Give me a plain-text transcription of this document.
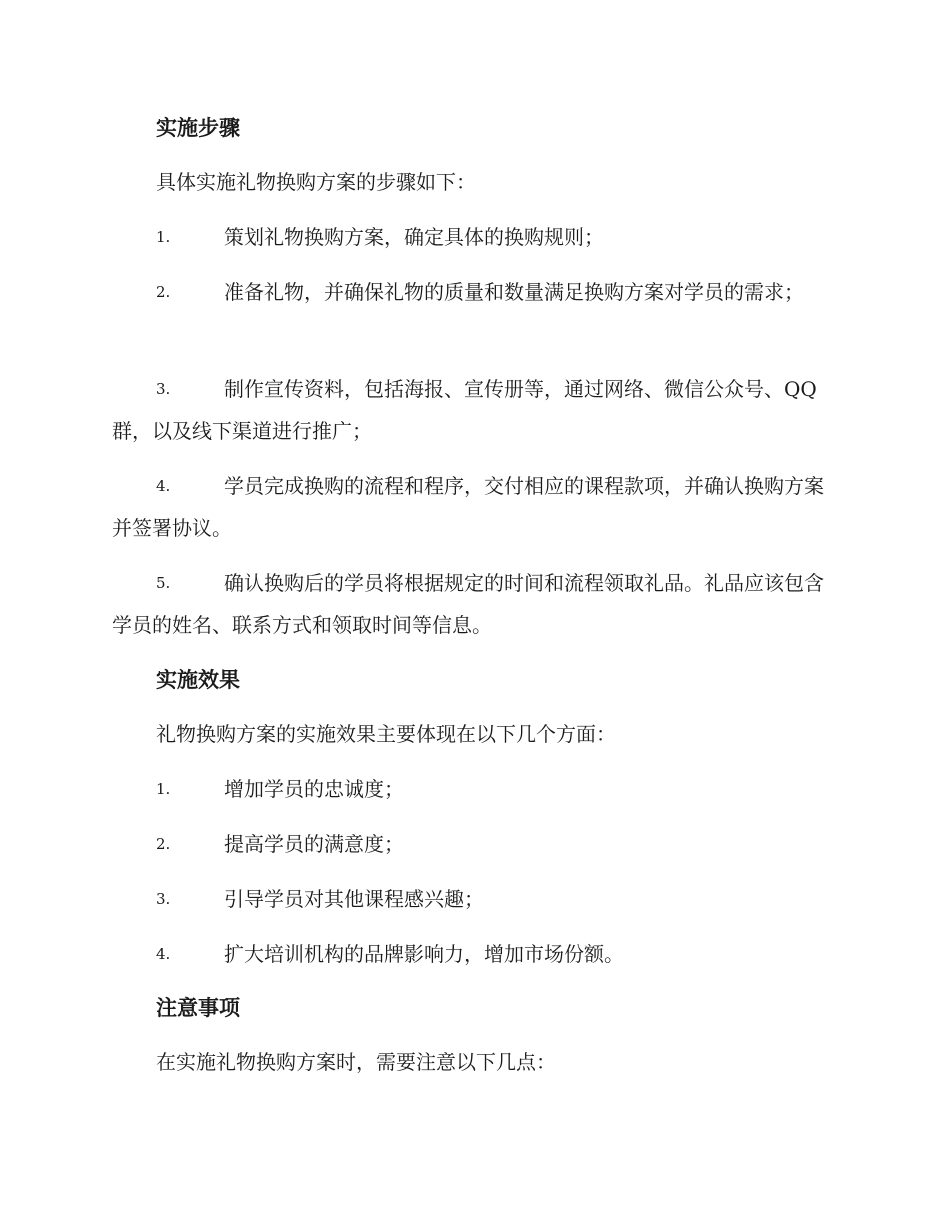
实施步骤
具体实施礼物换购方案的步骤如下：
1.	策划礼物换购方案，确定具体的换购规则；
2.	准备礼物，并确保礼物的质量和数量满足换购方案对学员的需求；
3.	制作宣传资料，包括海报、宣传册等，通过网络、微信公众号、QQ 群，以及线下渠道进行推广；
4.	学员完成换购的流程和程序，交付相应的课程款项，并确认换购方案并签署协议。
5.	确认换购后的学员将根据规定的时间和流程领取礼品。礼品应该包含学员的姓名、联系方式和领取时间等信息。
实施效果
礼物换购方案的实施效果主要体现在以下几个方面：
1.	增加学员的忠诚度；
2.	提高学员的满意度；
3.	引导学员对其他课程感兴趣；
4.	扩大培训机构的品牌影响力，增加市场份额。
注意事项
在实施礼物换购方案时，需要注意以下几点：
